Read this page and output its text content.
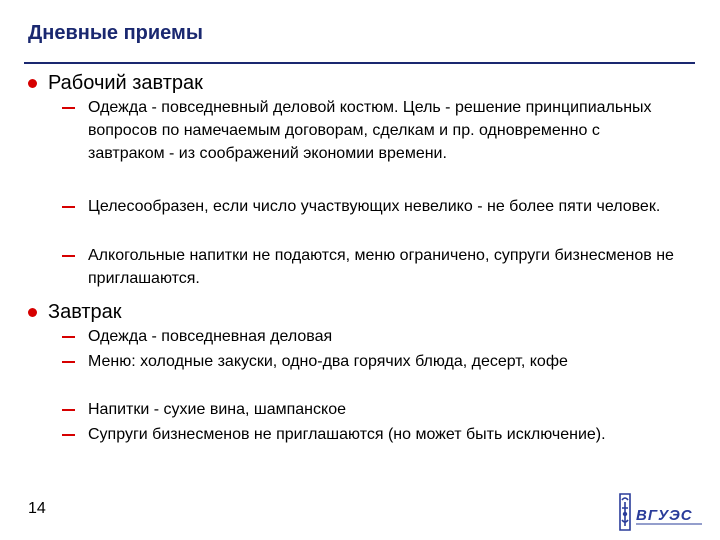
Дневные приемы
Рабочий завтрак
Одежда - повседневный деловой костюм. Цель - решение принципиальных вопросов по намечаемым договорам, сделкам и пр. одновременно с завтраком - из соображений экономии времени.
Целесообразен, если число участвующих невелико - не более пяти человек.
Алкогольные напитки не подаются, меню ограничено, супруги бизнесменов не приглашаются.
Завтрак
Одежда - повседневная деловая
Меню: холодные закуски, одно-два горячих блюда, десерт, кофе
Напитки - сухие вина, шампанское
Супруги бизнесменов не приглашаются (но может быть исключение).
14	ВГУЭС
